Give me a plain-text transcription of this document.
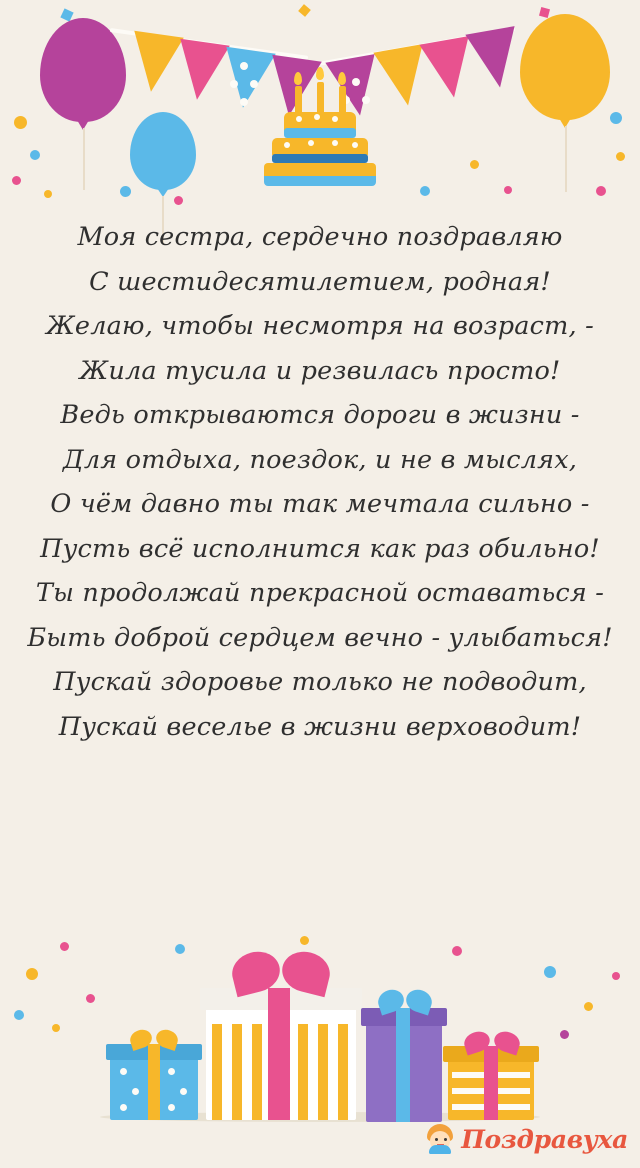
Моя сестра, сердечно поздравляю
С шестидесятилетием, родная!
Желаю, чтобы несмотря на возраст, -
Жила тусила и резвилась просто!
Ведь открываются дороги в жизни -
Для отдыха, поездок, и не в мыслях,
О чём давно ты так мечтала сильно -
Пусть всё исполнится как раз обильно!
Ты продолжай прекрасной оставаться -
Быть доброй сердцем вечно - улыбаться!
Пускай здоровье только не подводит,
Пускай веселье в жизни верховодит!
Поздравуха
